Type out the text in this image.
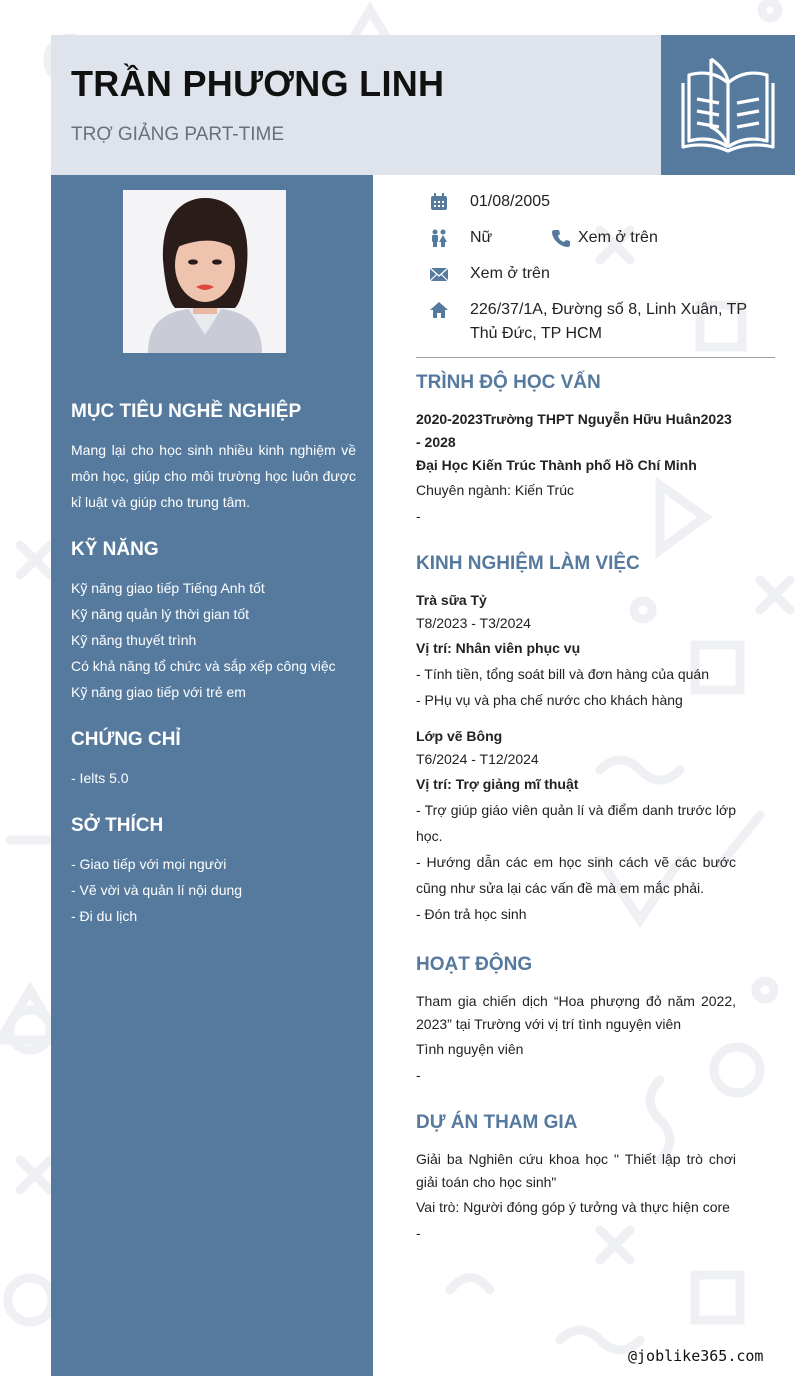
TRẦN PHƯƠNG LINH
TRỢ GIẢNG PART-TIME
MỤC TIÊU NGHỀ NGHIỆP
Mang lại cho học sinh nhiều kinh nghiệm về môn học, giúp cho môi trường học luôn được kỉ luật và giúp cho trung tâm.
KỸ NĂNG
Kỹ năng giao tiếp Tiếng Anh tốt
Kỹ năng quản lý thời gian tốt
Kỹ năng thuyết trình
Có khả năng tổ chức và sắp xếp công việc
Kỹ năng giao tiếp với trẻ em
CHỨNG CHỈ
- Ielts 5.0
SỞ THÍCH
- Giao tiếp với mọi người
- Vẽ vời và quản lí nội dung
- Đi du lịch
01/08/2005
Nữ	Xem ở trên
Xem ở trên
226/37/1A, Đường số 8, Linh Xuân, TP Thủ Đức, TP HCM
TRÌNH ĐỘ HỌC VẤN
2020-2023Trường THPT Nguyễn Hữu Huân2023 - 2028
Đại Học Kiến Trúc Thành phố Hồ Chí Minh
Chuyên ngành: Kiến Trúc
-
KINH NGHIỆM LÀM VIỆC
Trà sữa Tỷ
T8/2023 - T3/2024
Vị trí: Nhân viên phục vụ
- Tính tiền, tổng soát bill và đơn hàng của quán
- PHụ vụ và pha chế nước cho khách hàng
Lớp vẽ Bông
T6/2024 - T12/2024
Vị trí: Trợ giảng mĩ thuật
- Trợ giúp giáo viên quản lí và điểm danh trước lớp học.
- Hướng dẫn các em học sinh cách vẽ các bước cũng như sửa lại các vấn đề mà em mắc phải.
- Đón trả học sinh
HOẠT ĐỘNG
Tham gia chiến dịch “Hoa phượng đỏ năm 2022, 2023” tại Trường với vị trí tình nguyện viên
Tình nguyện viên
-
DỰ ÁN THAM GIA
Giải ba Nghiên cứu khoa học " Thiết lập trò chơi giải toán cho học sinh"
Vai trò: Người đóng góp ý tưởng và thực hiện core
-
@joblike365.com
